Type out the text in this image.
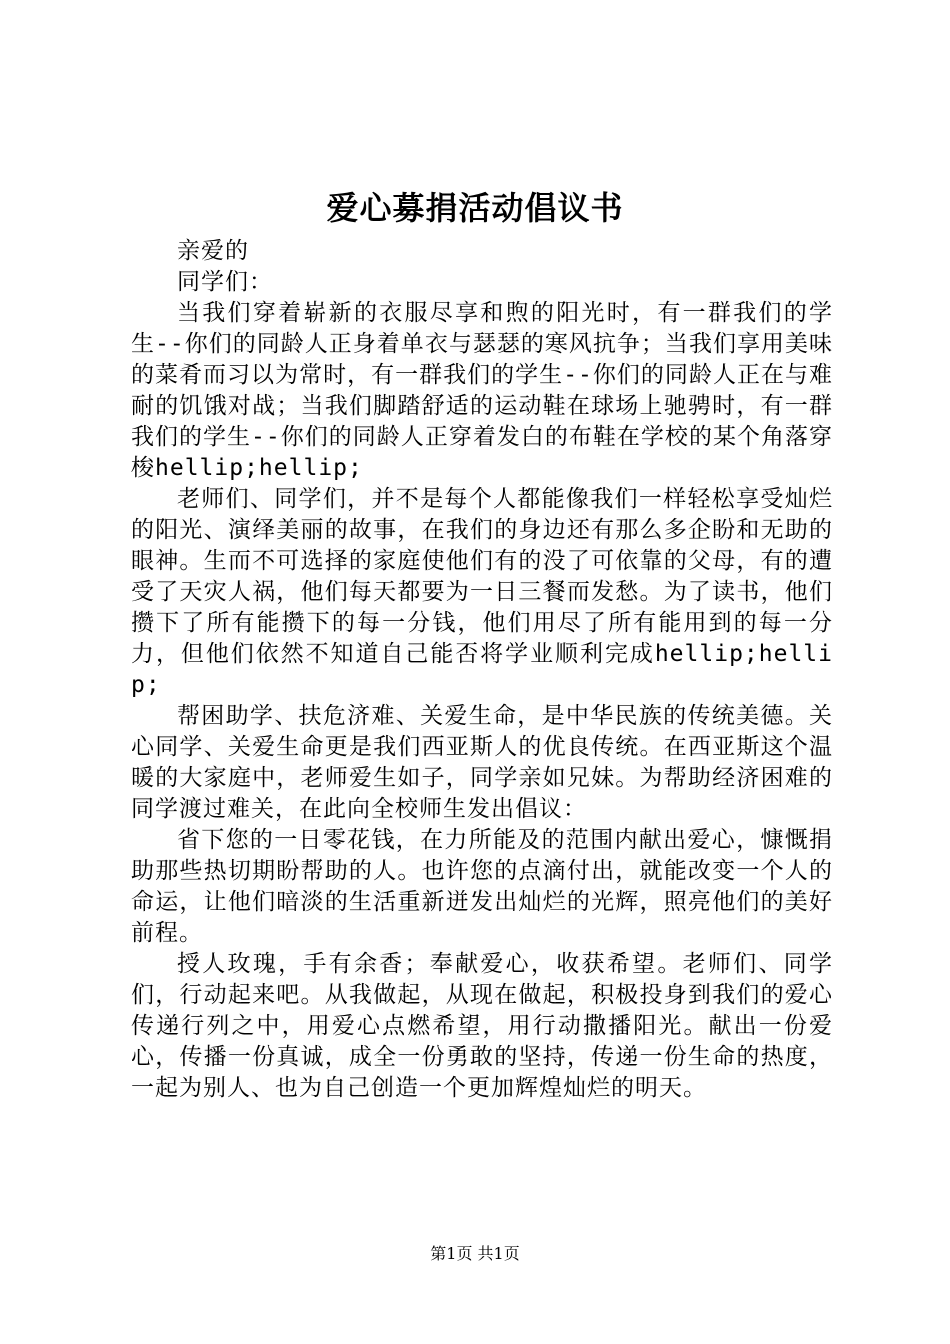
爱心募捐活动倡议书

亲爱的

同学们：

当我们穿着崭新的衣服尽享和煦的阳光时，有一群我们的学生--你们的同龄人正身着单衣与瑟瑟的寒风抗争；当我们享用美味的菜肴而习以为常时，有一群我们的学生--你们的同龄人正在与难耐的饥饿对战；当我们脚踏舒适的运动鞋在球场上驰骋时，有一群我们的学生--你们的同龄人正穿着发白的布鞋在学校的某个角落穿梭hellip;hellip;

老师们、同学们，并不是每个人都能像我们一样轻松享受灿烂的阳光、演绎美丽的故事，在我们的身边还有那么多企盼和无助的眼神。生而不可选择的家庭使他们有的没了可依靠的父母，有的遭受了天灾人祸，他们每天都要为一日三餐而发愁。为了读书，他们攒下了所有能攒下的每一分钱，他们用尽了所有能用到的每一分力，但他们依然不知道自己能否将学业顺利完成hellip;hellip;

帮困助学、扶危济难、关爱生命，是中华民族的传统美德。关心同学、关爱生命更是我们西亚斯人的优良传统。在西亚斯这个温暖的大家庭中，老师爱生如子，同学亲如兄妹。为帮助经济困难的同学渡过难关，在此向全校师生发出倡议：

省下您的一日零花钱，在力所能及的范围内献出爱心，慷慨捐助那些热切期盼帮助的人。也许您的点滴付出，就能改变一个人的命运，让他们暗淡的生活重新迸发出灿烂的光辉，照亮他们的美好前程。

授人玫瑰，手有余香；奉献爱心，收获希望。老师们、同学们，行动起来吧。从我做起，从现在做起，积极投身到我们的爱心传递行列之中，用爱心点燃希望，用行动撒播阳光。献出一份爱心，传播一份真诚，成全一份勇敢的坚持，传递一份生命的热度，一起为别人、也为自己创造一个更加辉煌灿烂的明天。

第1页 共1页
